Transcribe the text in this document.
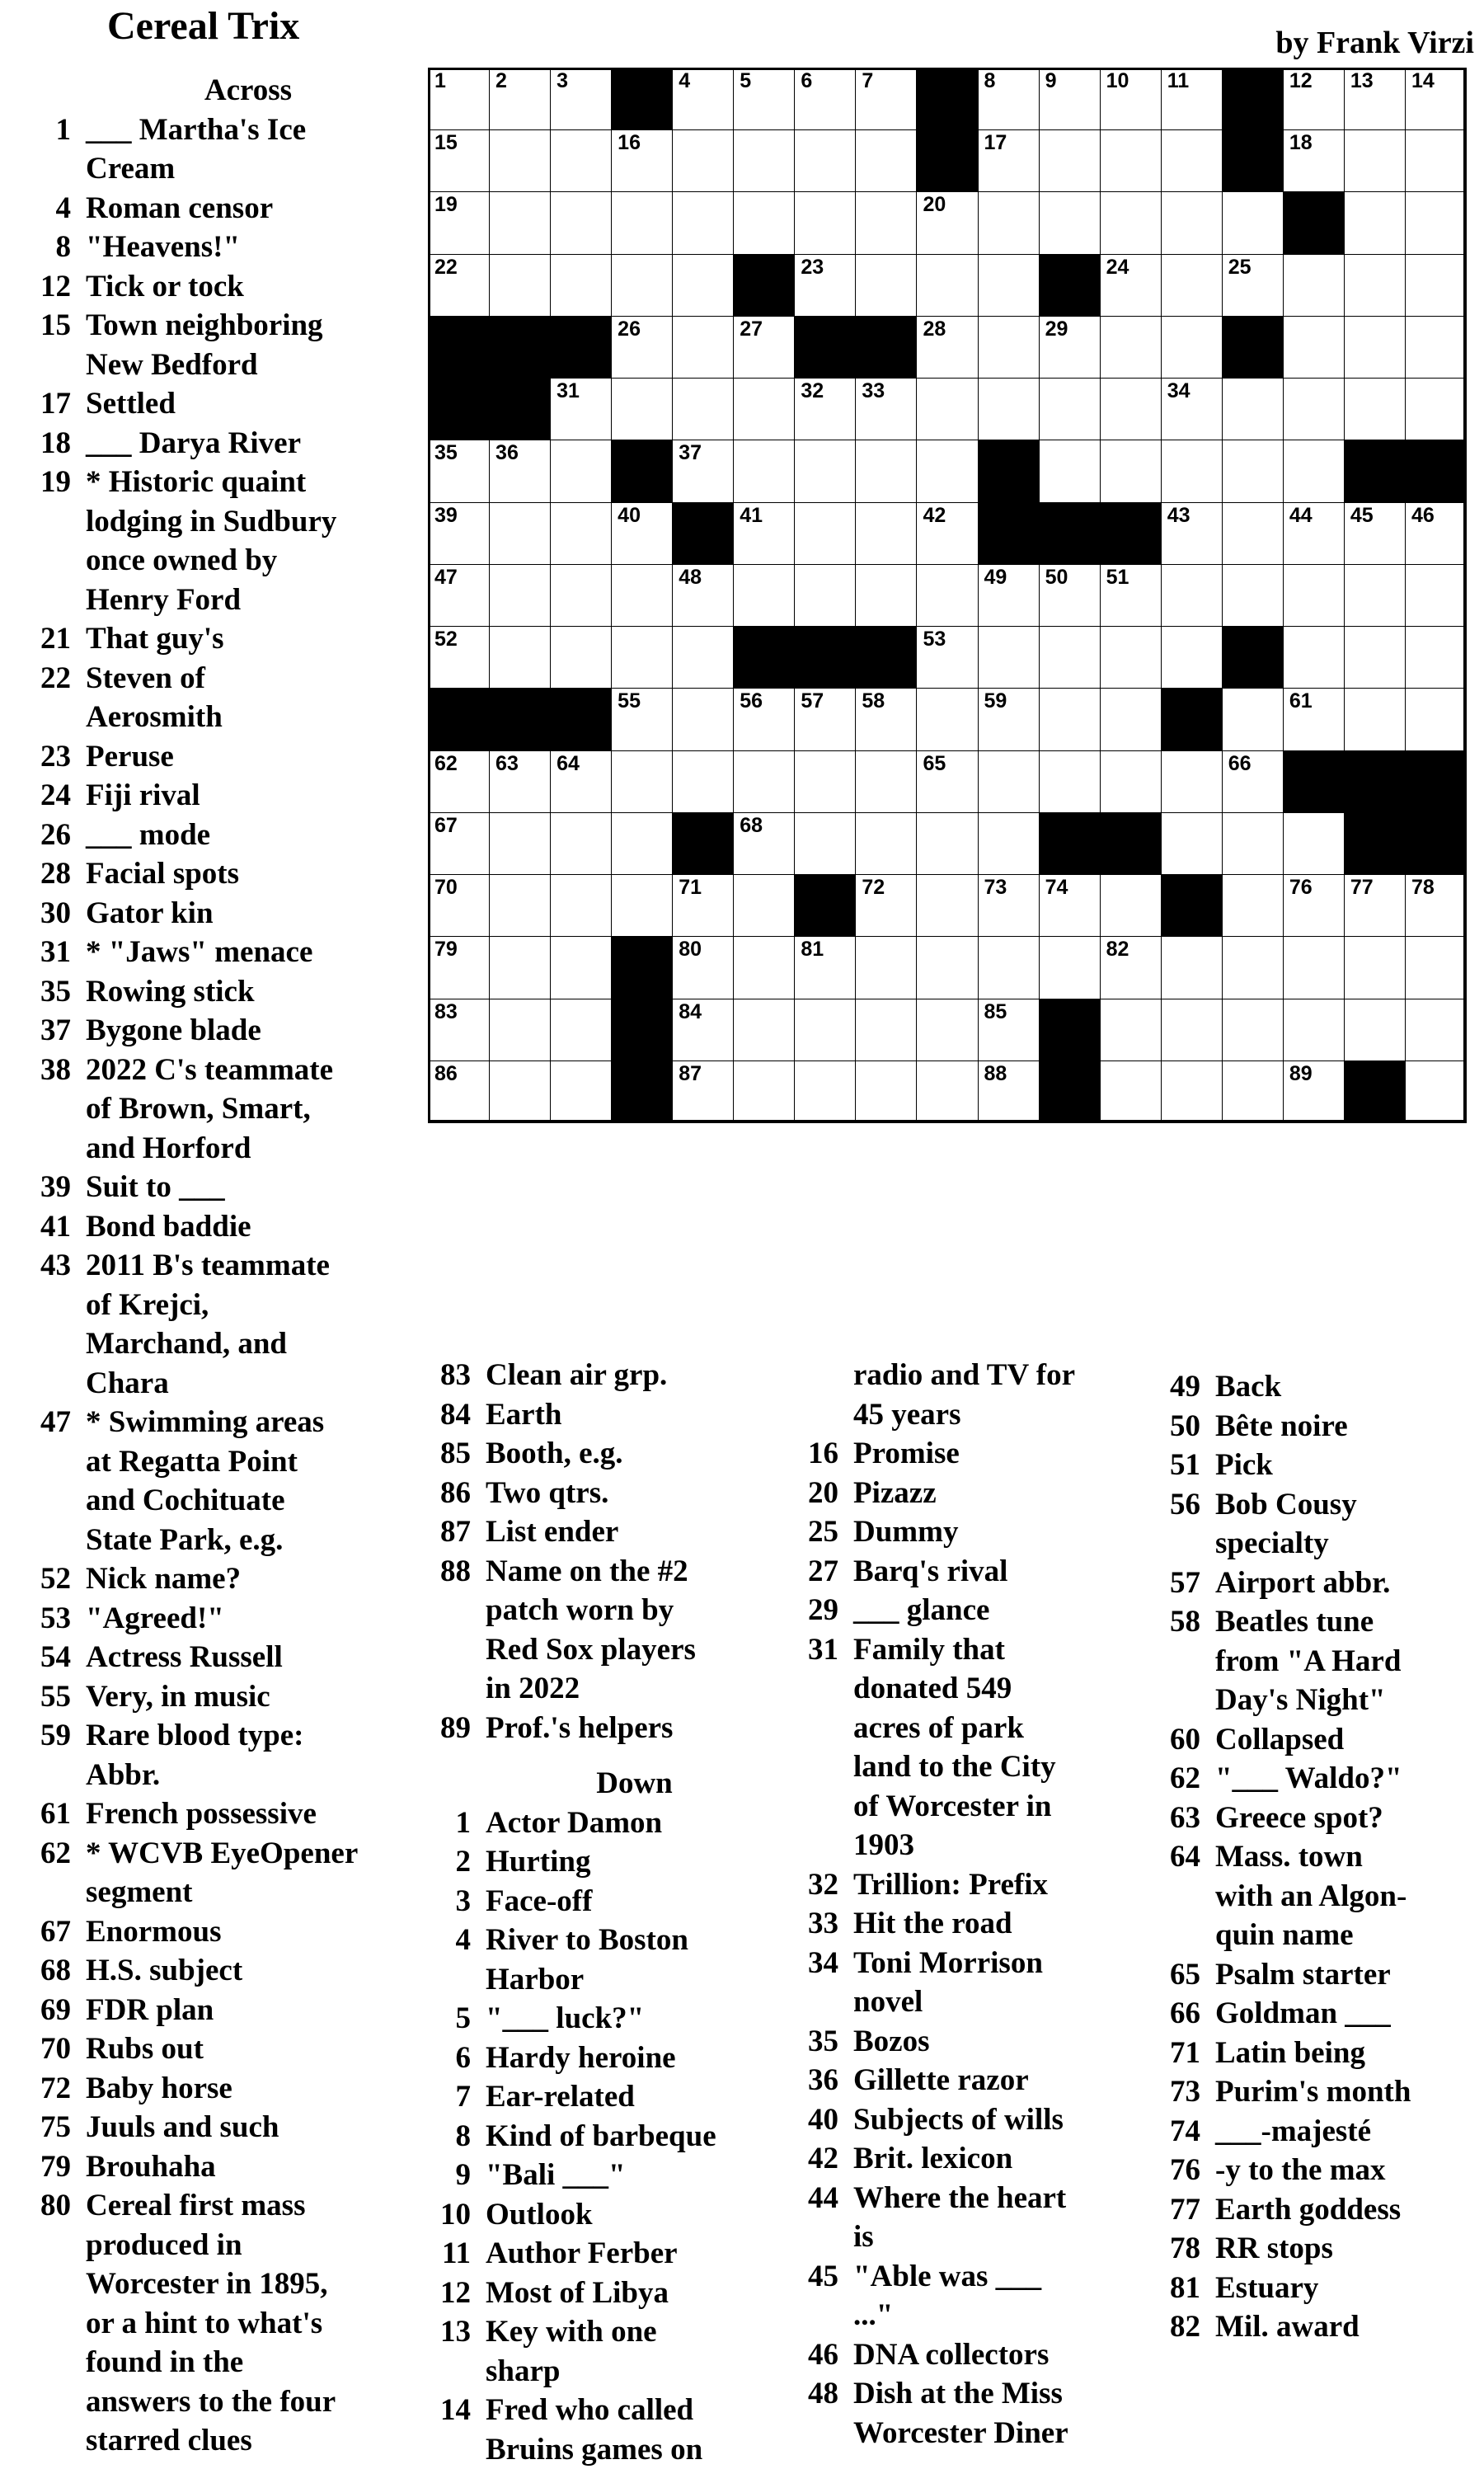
Cereal Trix	by Frank Virzi
1 2 3	4 5 6 7	8 9 10 11	12 13 14
15	16	17	18
19	20
22	23	24	25
26	27	28	29
31	32 33	34
35 36	37
39	40	41	42	43	44 45 46
47	48	49 50 51
52	53
55	56 57 58	59	61
62 63 64	65	66
67	68
70	71	72	73 74	76 77 78
79	80	81	82
83	84	85
86	87	88	89
Across
1 ___ Martha's Ice
Cream
4 Roman censor
8 "Heavens!"
12 Tick or tock
15 Town neighboring
New Bedford
17 Settled
18 ___ Darya River
19 * Historic quaint
lodging in Sudbury
once owned by
Henry Ford
21 That guy's
22 Steven of
Aerosmith
23 Peruse
24 Fiji rival
26 ___ mode
28 Facial spots
30 Gator kin
31 * "Jaws" menace
35 Rowing stick
37 Bygone blade
38 2022 C's teammate
of Brown, Smart,
and Horford
39 Suit to ___
41 Bond baddie
43 2011 B's teammate
of Krejci,
Marchand, and
Chara
47 * Swimming areas
at Regatta Point
and Cochituate
State Park, e.g.
52 Nick name?
53 "Agreed!"
54 Actress Russell
55 Very, in music
59 Rare blood type:
Abbr.
61 French possessive
62 * WCVB EyeOpener
segment
67 Enormous
68 H.S. subject
69 FDR plan
70 Rubs out
72 Baby horse
75 Juuls and such
79 Brouhaha
80 Cereal first mass
produced in
Worcester in 1895,
or a hint to what's
found in the
answers to the four
starred clues
83 Clean air grp.
84 Earth
85 Booth, e.g.
86 Two qtrs.
87 List ender
88 Name on the #2
patch worn by
Red Sox players
in 2022
89 Prof.'s helpers
Down
1 Actor Damon
2 Hurting
3 Face-off
4 River to Boston
Harbor
5 "___ luck?"
6 Hardy heroine
7 Ear-related
8 Kind of barbeque
9 "Bali ___"
10 Outlook
11 Author Ferber
12 Most of Libya
13 Key with one
sharp
14 Fred who called
Bruins games on
radio and TV for
45 years
16 Promise
20 Pizazz
25 Dummy
27 Barq's rival
29 ___ glance
31 Family that
donated 549
acres of park
land to the City
of Worcester in
1903
32 Trillion: Prefix
33 Hit the road
34 Toni Morrison
novel
35 Bozos
36 Gillette razor
40 Subjects of wills
42 Brit. lexicon
44 Where the heart
is
45 "Able was ___
..."
46 DNA collectors
48 Dish at the Miss
Worcester Diner
49 Back
50 Bête noire
51 Pick
56 Bob Cousy
specialty
57 Airport abbr.
58 Beatles tune
from "A Hard
Day's Night"
60 Collapsed
62 "___ Waldo?"
63 Greece spot?
64 Mass. town
with an Algon-
quin name
65 Psalm starter
66 Goldman ___
71 Latin being
73 Purim's month
74 ___-majesté
76 -y to the max
77 Earth goddess
78 RR stops
81 Estuary
82 Mil. award
